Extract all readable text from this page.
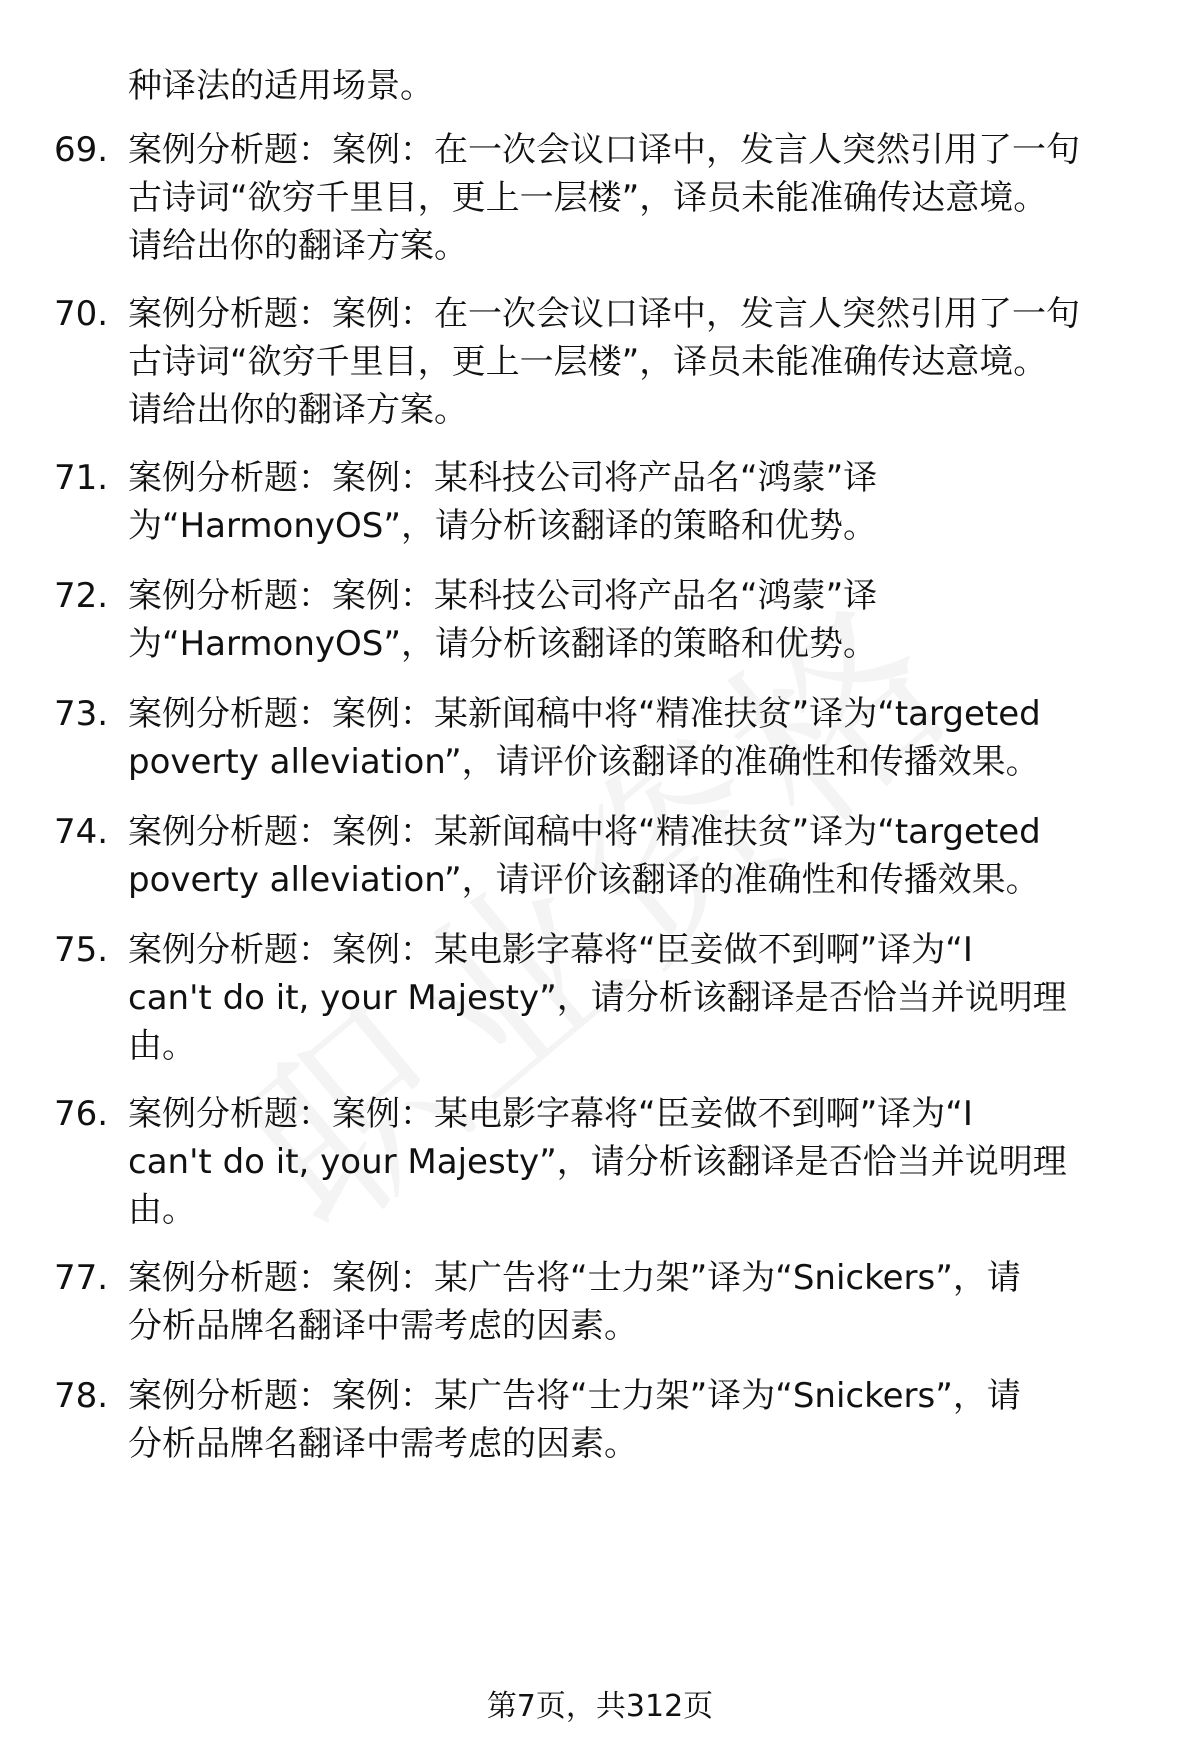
种译法的适用场景。
69. 案例分析题：案例：在一次会议口译中，发言人突然引用了一句
古诗词“欲穷千里目，更上一层楼”，译员未能准确传达意境。
请给出你的翻译方案。
70. 案例分析题：案例：在一次会议口译中，发言人突然引用了一句
古诗词“欲穷千里目，更上一层楼”，译员未能准确传达意境。
请给出你的翻译方案。
71. 案例分析题：案例：某科技公司将产品名“鸿蒙”译
为“HarmonyOS”，请分析该翻译的策略和优势。
72. 案例分析题：案例：某科技公司将产品名“鸿蒙”译
为“HarmonyOS”，请分析该翻译的策略和优势。
73. 案例分析题：案例：某新闻稿中将“精准扶贫”译为“targeted
poverty alleviation”，请评价该翻译的准确性和传播效果。
74. 案例分析题：案例：某新闻稿中将“精准扶贫”译为“targeted
poverty alleviation”，请评价该翻译的准确性和传播效果。
75. 案例分析题：案例：某电影字幕将“臣妾做不到啊”译为“I
can't do it, your Majesty”，请分析该翻译是否恰当并说明理
由。
76. 案例分析题：案例：某电影字幕将“臣妾做不到啊”译为“I
can't do it, your Majesty”，请分析该翻译是否恰当并说明理
由。
77. 案例分析题：案例：某广告将“士力架”译为“Snickers”，请
分析品牌名翻译中需考虑的因素。
78. 案例分析题：案例：某广告将“士力架”译为“Snickers”，请
分析品牌名翻译中需考虑的因素。
第7页，共312页
